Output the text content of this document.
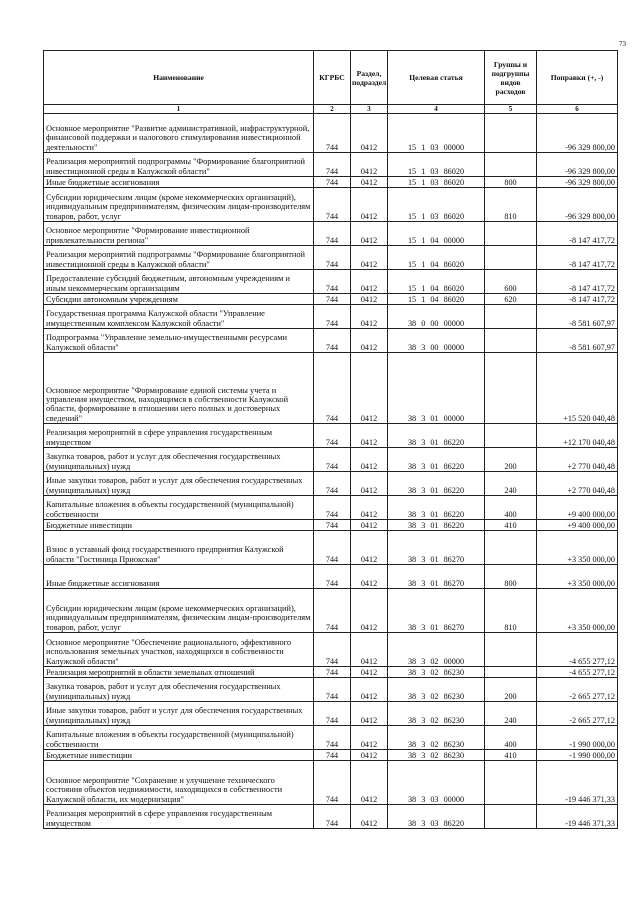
73
Наименование	КГРБС	Раздел, подраздел	Целевая статья	Группы и подгруппы видов расходов	Поправки (+, -)
1	2	3	4	5	6
Основное мероприятие "Развитие административной, инфраструктурной, финансовой поддержки и налогового стимулирования инвестиционной деятельности"	744	0412	15 1 03 00000		-96 329 800,00
Реализация мероприятий подпрограммы "Формирование благоприятной инвестиционной среды в Калужской области"	744	0412	15 1 03 86020		-96 329 800,00
Иные бюджетные ассигнования	744	0412	15 1 03 86020	800	-96 329 800,00
Субсидии юридическим лицам (кроме некоммерческих организаций), индивидуальным предпринимателям, физическим лицам-производителям товаров, работ, услуг	744	0412	15 1 03 86020	810	-96 329 800,00
Основное мероприятие "Формирование инвестиционной привлекательности региона"	744	0412	15 1 04 00000		-8 147 417,72
Реализация мероприятий подпрограммы "Формирование благоприятной инвестиционной среды в Калужской области"	744	0412	15 1 04 86020		-8 147 417,72
Предоставление субсидий бюджетным, автономным учреждениям и иным некоммерческим организациям	744	0412	15 1 04 86020	600	-8 147 417,72
Субсидии автономным учреждениям	744	0412	15 1 04 86020	620	-8 147 417,72
Государственная программа Калужской области "Управление имущественным комплексом Калужской области"	744	0412	38 0 00 00000		-8 581 607,97
Подпрограмма "Управление земельно-имущественными ресурсами Калужской области"	744	0412	38 3 00 00000		-8 581 607,97
Основное мероприятие "Формирование единой системы учета и управления имуществом, находящимся в собственности Калужской области, формирование в отношении него полных и достоверных сведений"	744	0412	38 3 01 00000		+15 520 040,48
Реализация мероприятий в сфере управления государственным имуществом	744	0412	38 3 01 86220		+12 170 040,48
Закупка товаров, работ и услуг для обеспечения государственных (муниципальных) нужд	744	0412	38 3 01 86220	200	+2 770 040,48
Иные закупки товаров, работ и услуг для обеспечения государственных (муниципальных) нужд	744	0412	38 3 01 86220	240	+2 770 040,48
Капитальные вложения в объекты государственной (муниципальной) собственности	744	0412	38 3 01 86220	400	+9 400 000,00
Бюджетные инвестиции	744	0412	38 3 01 86220	410	+9 400 000,00
Взнос в уставный фонд государственного предприятия Калужской области "Гостиница Приокская"	744	0412	38 3 01 86270		+3 350 000,00
Иные бюджетные ассигнования	744	0412	38 3 01 86270	800	+3 350 000,00
Субсидии юридическим лицам (кроме некоммерческих организаций), индивидуальным предпринимателям, физическим лицам-производителям товаров, работ, услуг	744	0412	38 3 01 86270	810	+3 350 000,00
Основное мероприятие "Обеспечение рационального, эффективного использования земельных участков, находящихся в собственности Калужской области"	744	0412	38 3 02 00000		-4 655 277,12
Реализация мероприятий в области земельных отношений	744	0412	38 3 02 86230		-4 655 277,12
Закупка товаров, работ и услуг для обеспечения государственных (муниципальных) нужд	744	0412	38 3 02 86230	200	-2 665 277,12
Иные закупки товаров, работ и услуг для обеспечения государственных (муниципальных) нужд	744	0412	38 3 02 86230	240	-2 665 277,12
Капитальные вложения в объекты государственной (муниципальной) собственности	744	0412	38 3 02 86230	400	-1 990 000,00
Бюджетные инвестиции	744	0412	38 3 02 86230	410	-1 990 000,00
Основное мероприятие "Сохранение и улучшение технического состояния объектов недвижимости, находящихся в собственности Калужской области, их модернизация"	744	0412	38 3 03 00000		-19 446 371,33
Реализация мероприятий в сфере управления государственным имуществом	744	0412	38 3 03 86220		-19 446 371,33
